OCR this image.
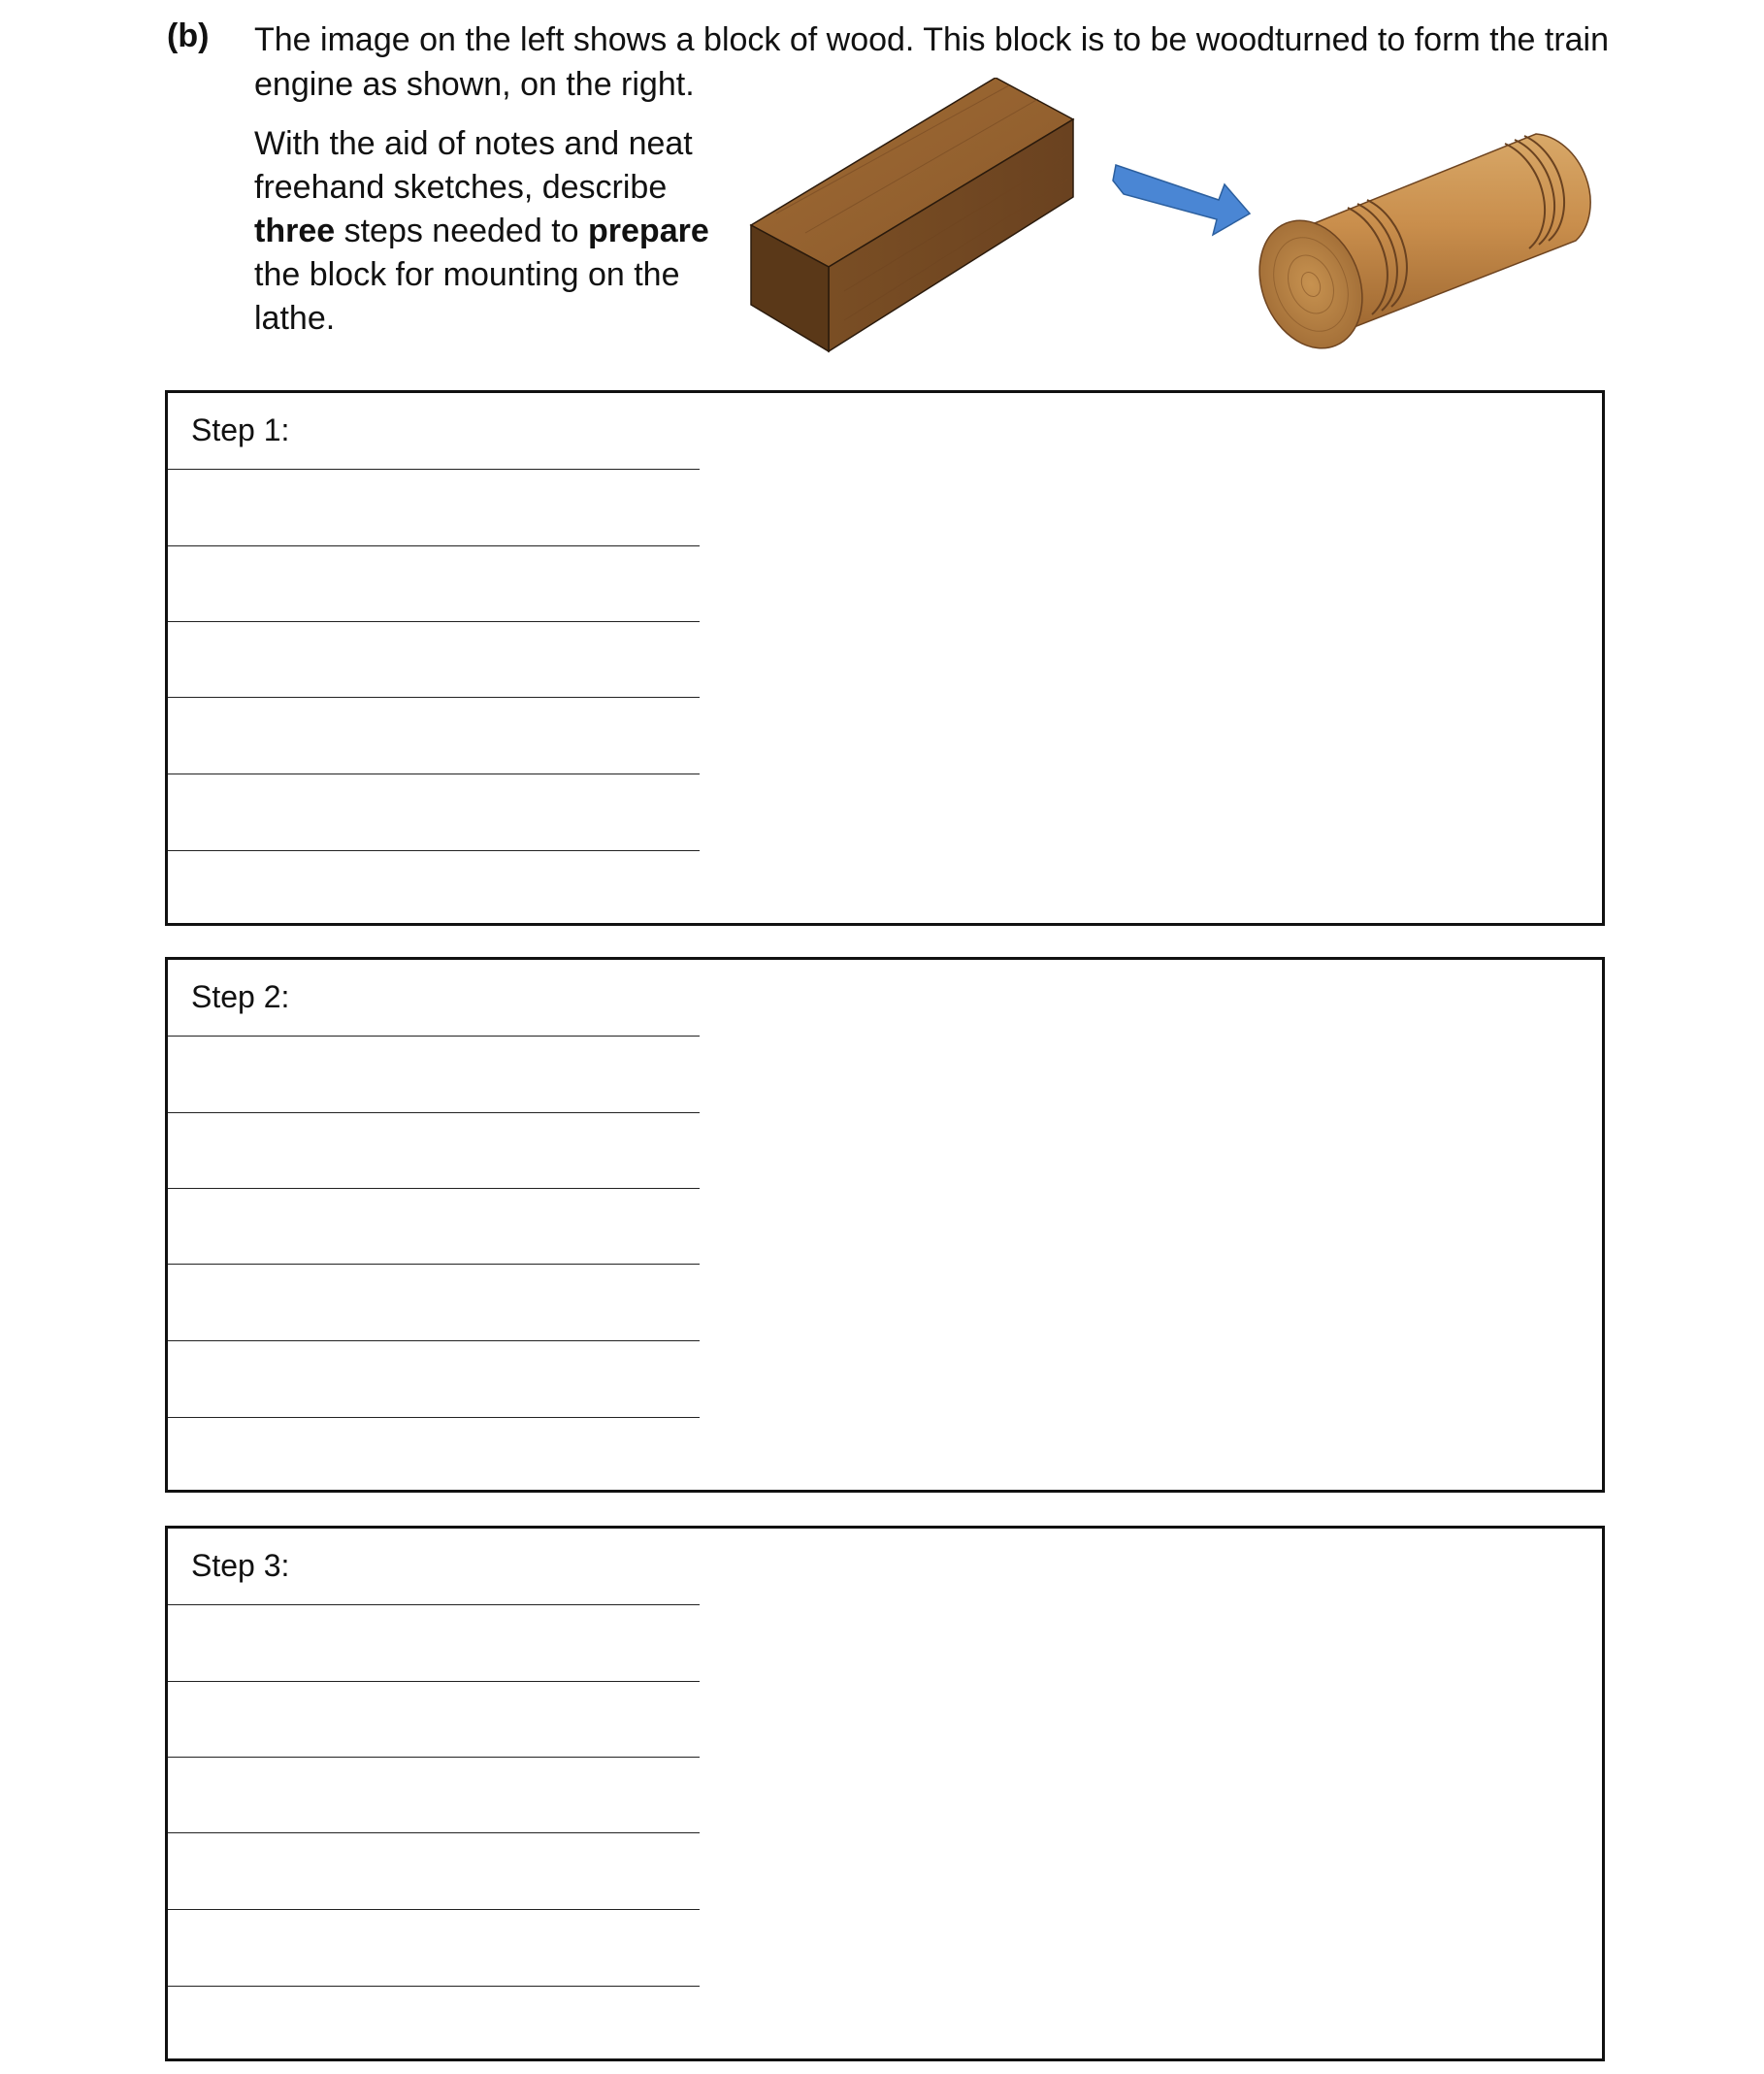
(b) The image on the left shows a block of wood. This block is to be woodturned to form the train engine as shown, on the right.
With the aid of notes and neat freehand sketches, describe three steps needed to prepare the block for mounting on the lathe.
Step 1:
Step 2:
Step 3:
